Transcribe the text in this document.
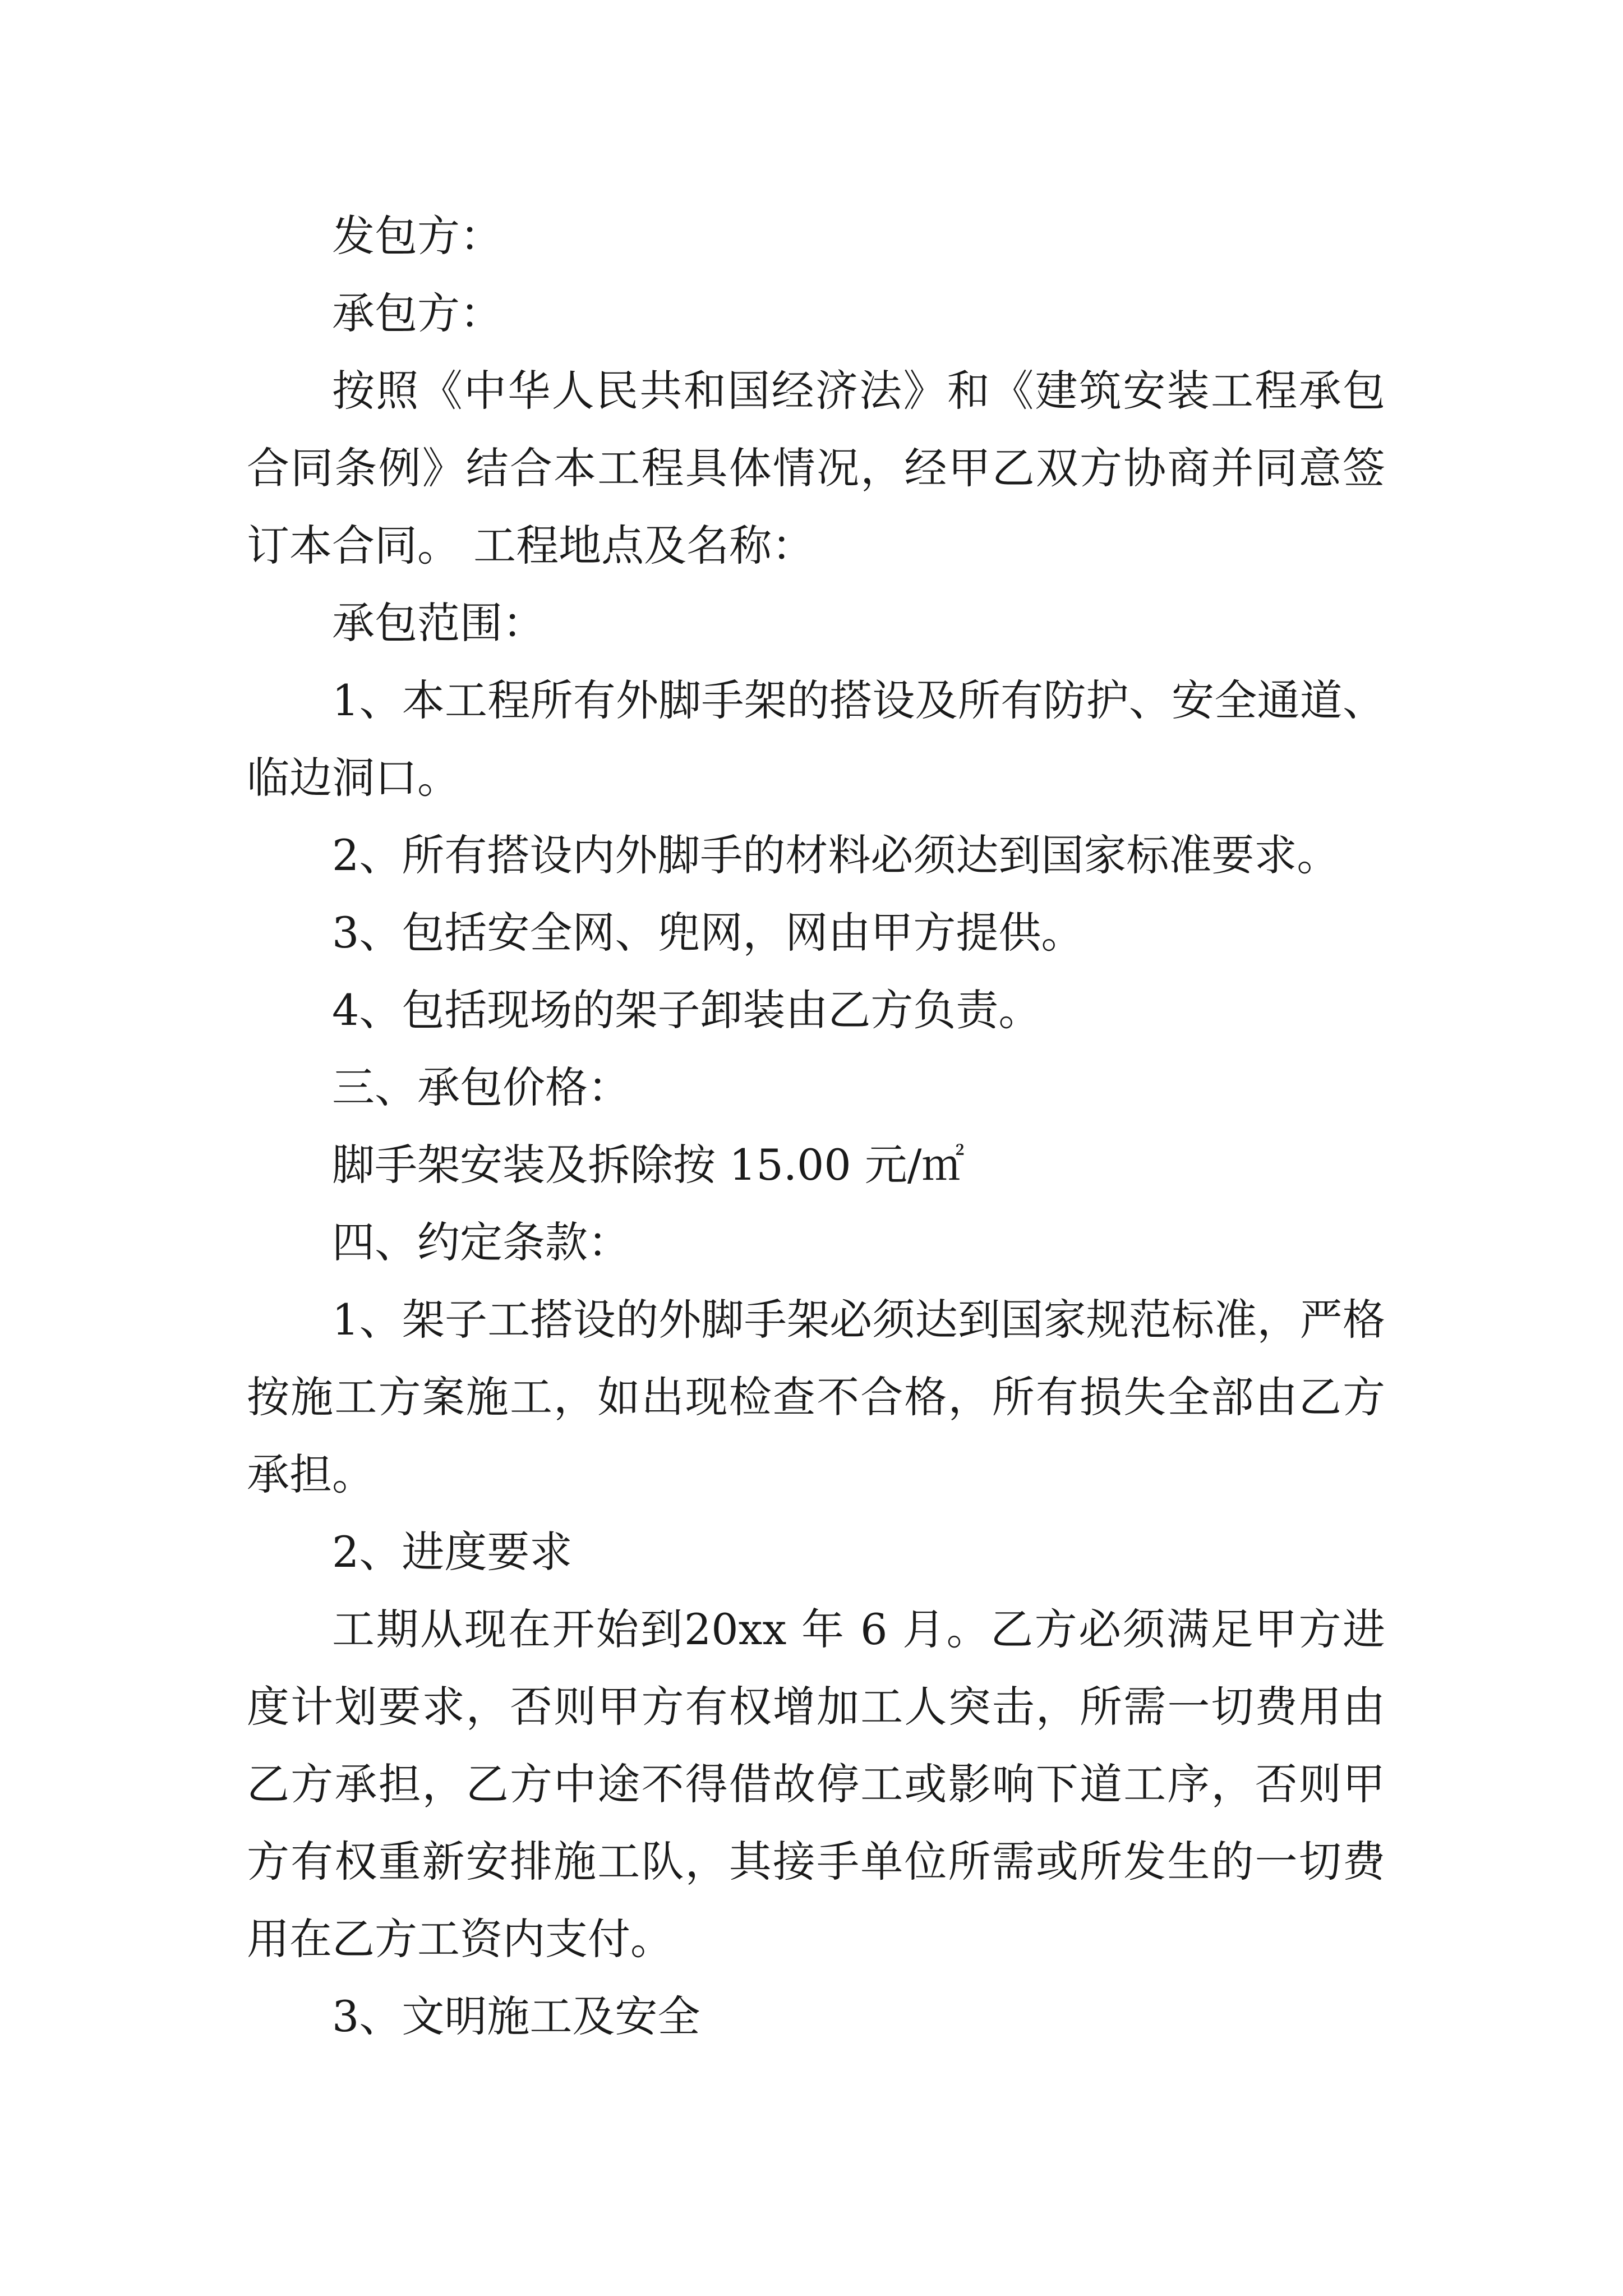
发包方：

承包方：

按照《中华人民共和国经济法》和《建筑安装工程承包合同条例》结合本工程具体情况，经甲乙双方协商并同意签订本合同。 工程地点及名称：

承包范围：

1、本工程所有外脚手架的搭设及所有防护、安全通道、临边洞口。

2、所有搭设内外脚手的材料必须达到国家标准要求。

3、包括安全网、兜网，网由甲方提供。

4、包括现场的架子卸装由乙方负责。

三、承包价格：

脚手架安装及拆除按 15.00 元/㎡

四、约定条款：

1、架子工搭设的外脚手架必须达到国家规范标准，严格按施工方案施工，如出现检查不合格，所有损失全部由乙方承担。

2、进度要求

工期从现在开始到20xx 年 6 月。乙方必须满足甲方进度计划要求，否则甲方有权增加工人突击，所需一切费用由乙方承担，乙方中途不得借故停工或影响下道工序，否则甲方有权重新安排施工队，其接手单位所需或所发生的一切费用在乙方工资内支付。

3、文明施工及安全
